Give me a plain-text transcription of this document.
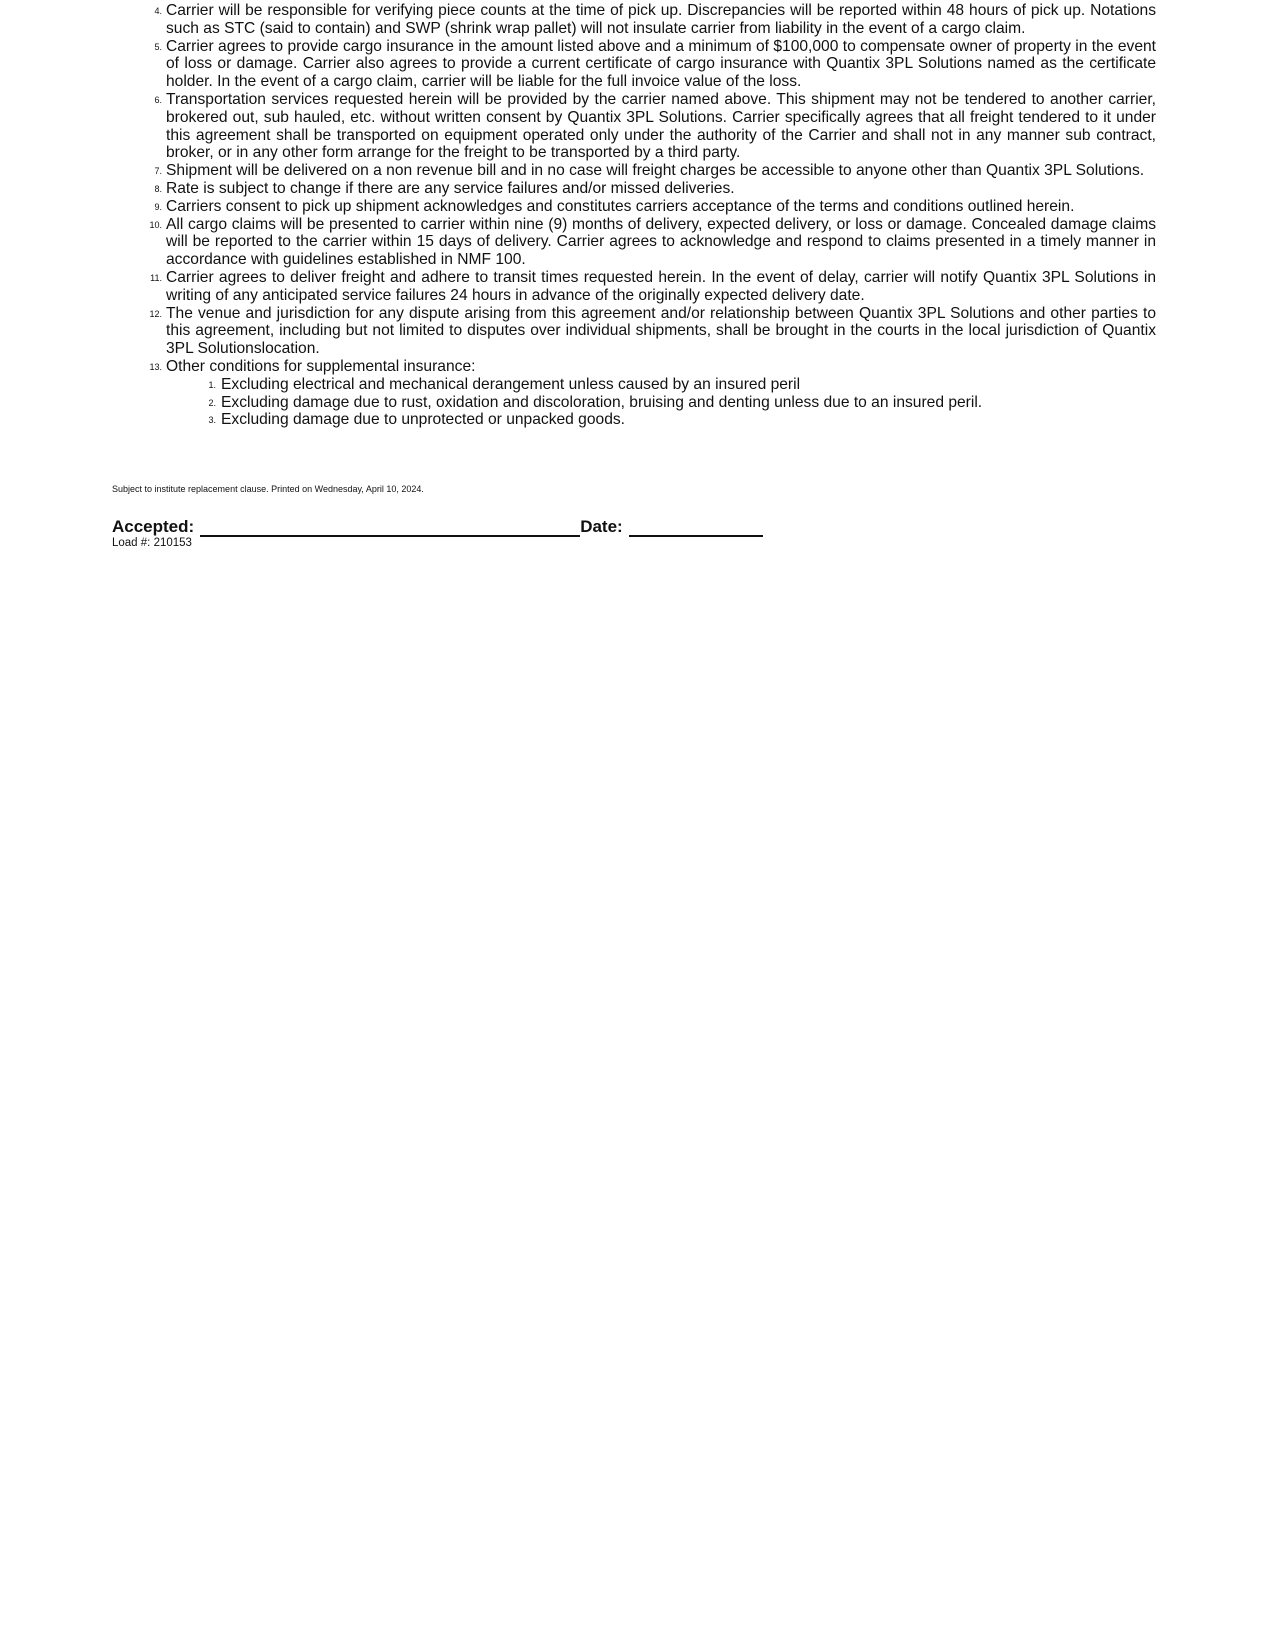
4. Carrier will be responsible for verifying piece counts at the time of pick up. Discrepancies will be reported within 48 hours of pick up. Notations such as STC (said to contain) and SWP (shrink wrap pallet) will not insulate carrier from liability in the event of a cargo claim.
5. Carrier agrees to provide cargo insurance in the amount listed above and a minimum of $100,000 to compensate owner of property in the event of loss or damage. Carrier also agrees to provide a current certificate of cargo insurance with Quantix 3PL Solutions named as the certificate holder. In the event of a cargo claim, carrier will be liable for the full invoice value of the loss.
6. Transportation services requested herein will be provided by the carrier named above. This shipment may not be tendered to another carrier, brokered out, sub hauled, etc. without written consent by Quantix 3PL Solutions. Carrier specifically agrees that all freight tendered to it under this agreement shall be transported on equipment operated only under the authority of the Carrier and shall not in any manner sub contract, broker, or in any other form arrange for the freight to be transported by a third party.
7. Shipment will be delivered on a non revenue bill and in no case will freight charges be accessible to anyone other than Quantix 3PL Solutions.
8. Rate is subject to change if there are any service failures and/or missed deliveries.
9. Carriers consent to pick up shipment acknowledges and constitutes carriers acceptance of the terms and conditions outlined herein.
10. All cargo claims will be presented to carrier within nine (9) months of delivery, expected delivery, or loss or damage. Concealed damage claims will be reported to the carrier within 15 days of delivery. Carrier agrees to acknowledge and respond to claims presented in a timely manner in accordance with guidelines established in NMF 100.
11. Carrier agrees to deliver freight and adhere to transit times requested herein. In the event of delay, carrier will notify Quantix 3PL Solutions in writing of any anticipated service failures 24 hours in advance of the originally expected delivery date.
12. The venue and jurisdiction for any dispute arising from this agreement and/or relationship between Quantix 3PL Solutions and other parties to this agreement, including but not limited to disputes over individual shipments, shall be brought in the courts in the local jurisdiction of Quantix 3PL Solutionslocation.
13. Other conditions for supplemental insurance:
1. Excluding electrical and mechanical derangement unless caused by an insured peril
2. Excluding damage due to rust, oxidation and discoloration, bruising and denting unless due to an insured peril.
3. Excluding damage due to unprotected or unpacked goods.
Subject to institute replacement clause. Printed on Wednesday, April 10, 2024.
Accepted:	Date:
Load #: 210153
